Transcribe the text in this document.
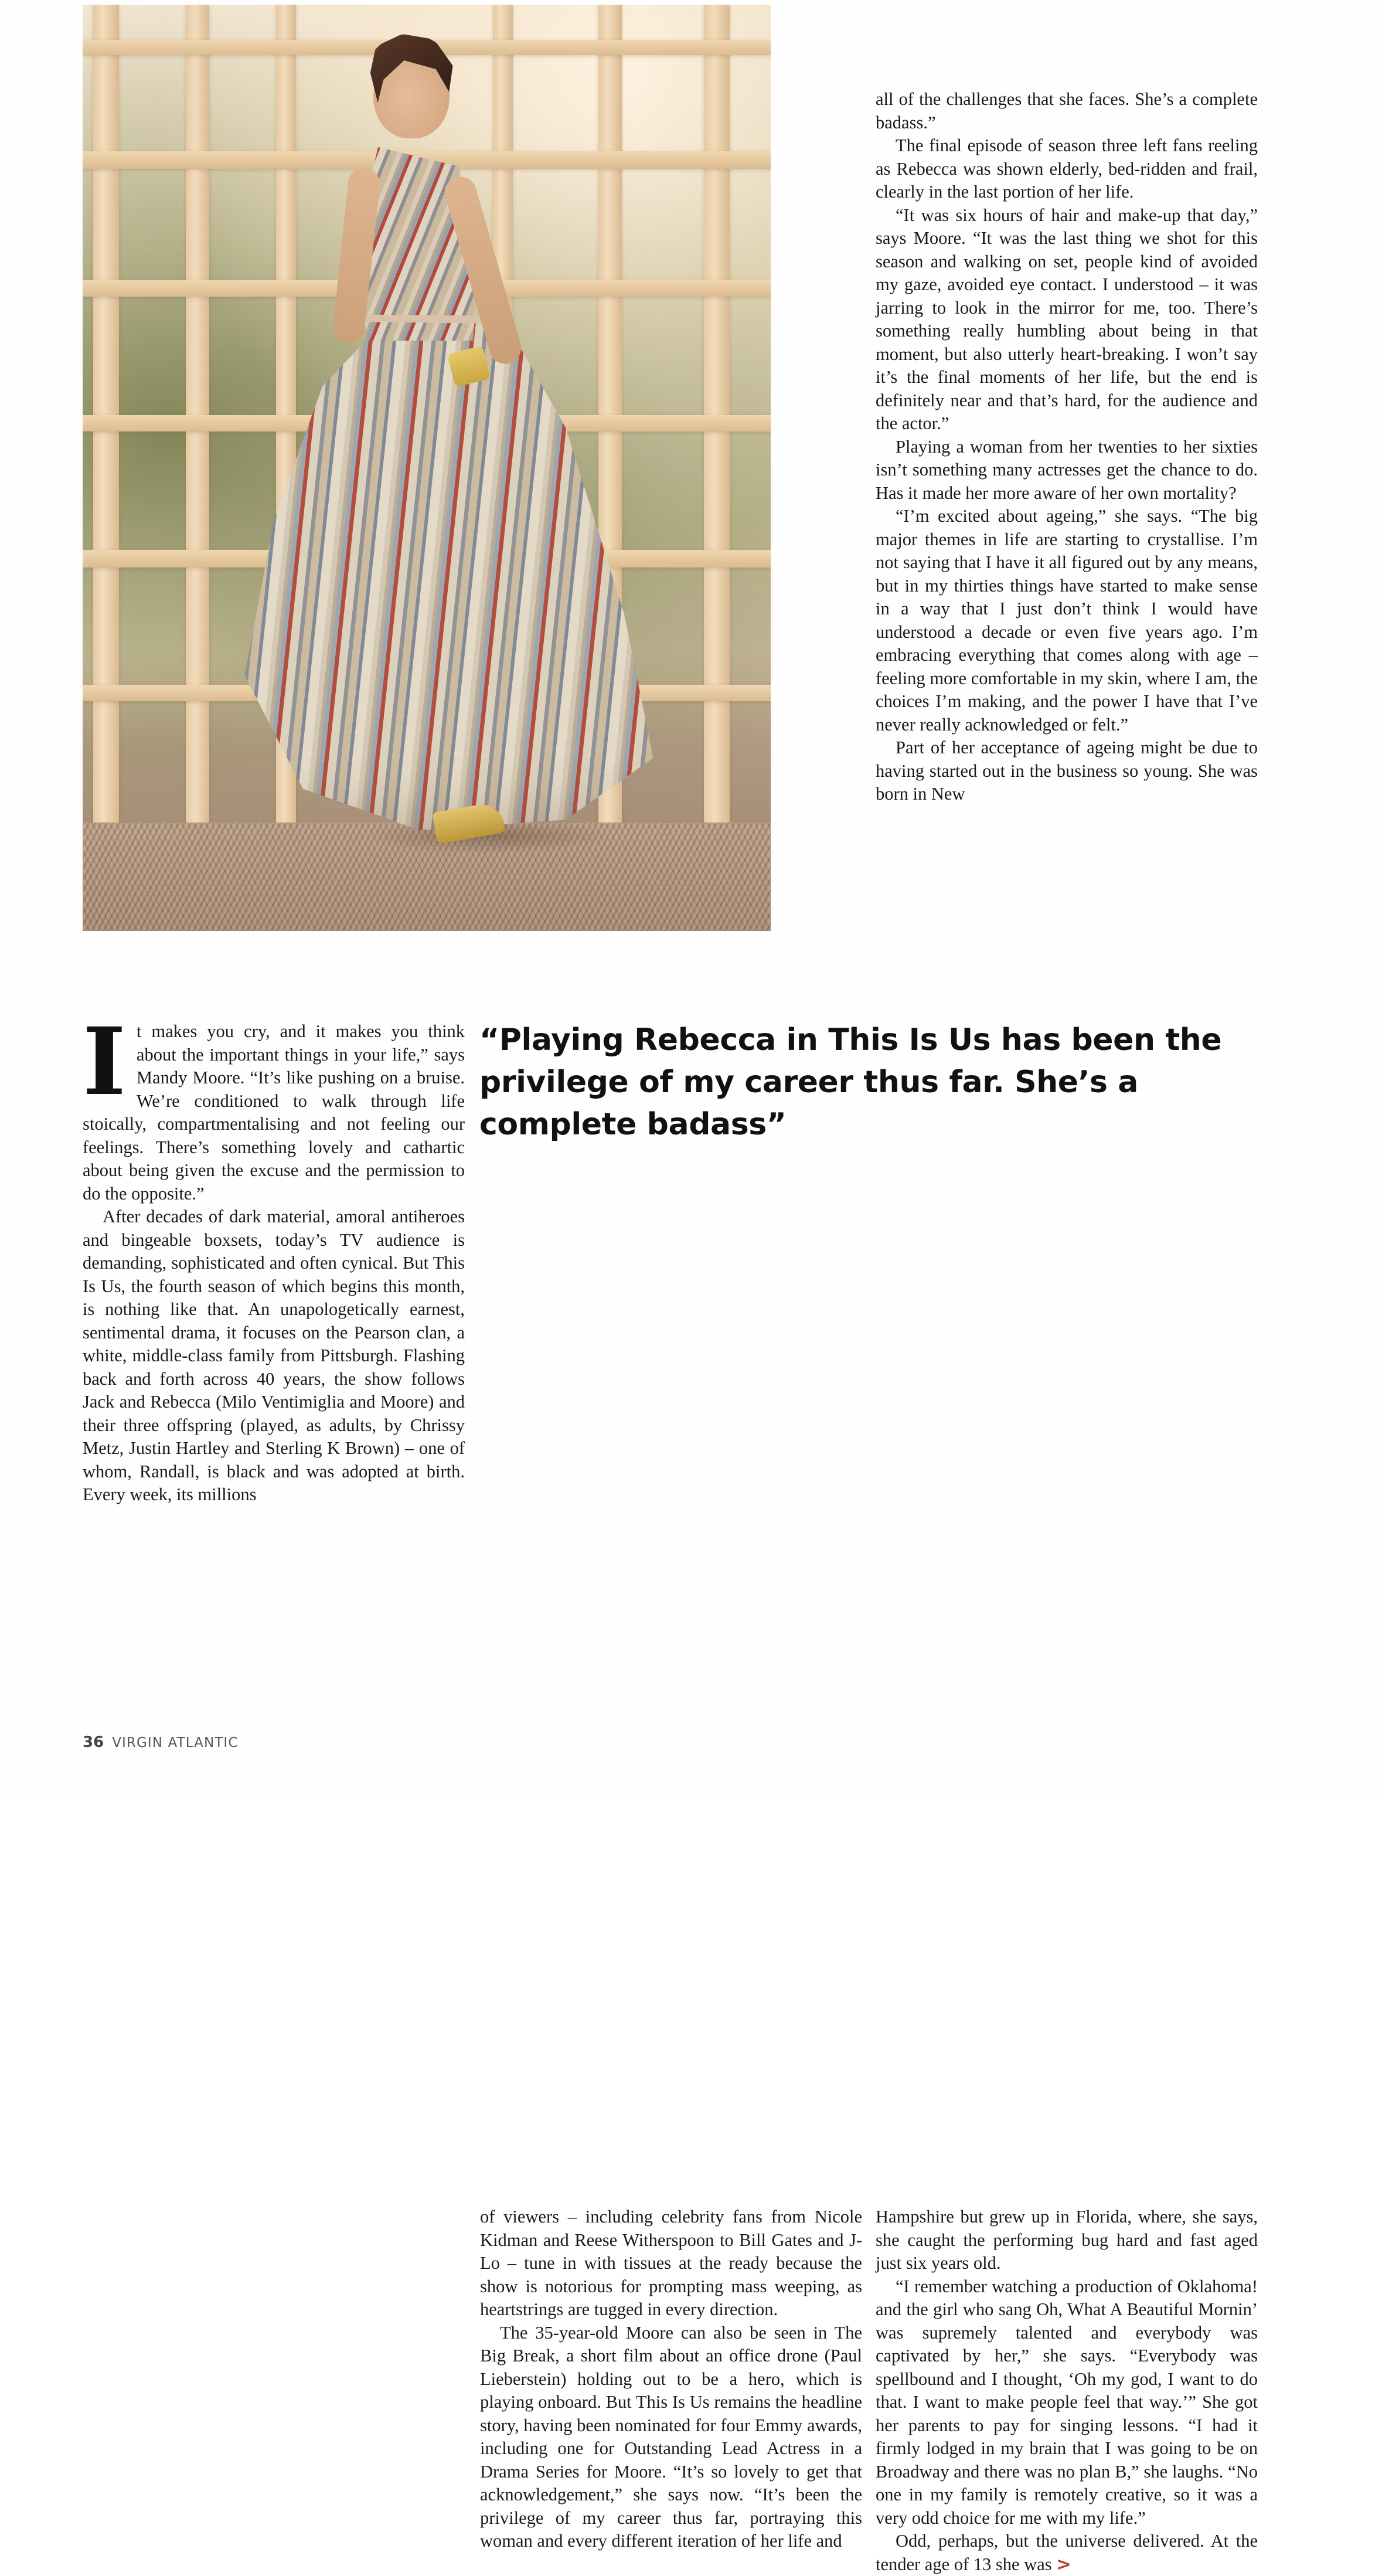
all of the challenges that she faces. She’s a complete badass.”

The final episode of season three left fans reeling as Rebecca was shown elderly, bed-ridden and frail, clearly in the last portion of her life.

“It was six hours of hair and make-up that day,” says Moore. “It was the last thing we shot for this season and walking on set, people kind of avoided my gaze, avoided eye contact. I understood – it was jarring to look in the mirror for me, too. There’s something really humbling about being in that moment, but also utterly heart-breaking. I won’t say it’s the final moments of her life, but the end is definitely near and that’s hard, for the audience and the actor.”

Playing a woman from her twenties to her sixties isn’t something many actresses get the chance to do. Has it made her more aware of her own mortality?

“I’m excited about ageing,” she says. “The big major themes in life are starting to crystallise. I’m not saying that I have it all figured out by any means, but in my thirties things have started to make sense in a way that I just don’t think I would have understood a decade or even five years ago. I’m embracing everything that comes along with age – feeling more comfortable in my skin, where I am, the choices I’m making, and the power I have that I’ve never really acknowledged or felt.”

Part of her acceptance of ageing might be due to having started out in the business so young. She was born in New

“Playing Rebecca in This Is Us has been the privilege of my career thus far. She’s a complete badass”

It makes you cry, and it makes you think about the important things in your life,” says Mandy Moore. “It’s like pushing on a bruise. We’re conditioned to walk through life stoically, compartmentalising and not feeling our feelings. There’s something lovely and cathartic about being given the excuse and the permission to do the opposite.”

After decades of dark material, amoral antiheroes and bingeable boxsets, today’s TV audience is demanding, sophisticated and often cynical. But This Is Us, the fourth season of which begins this month, is nothing like that. An unapologetically earnest, sentimental drama, it focuses on the Pearson clan, a white, middle-class family from Pittsburgh. Flashing back and forth across 40 years, the show follows Jack and Rebecca (Milo Ventimiglia and Moore) and their three offspring (played, as adults, by Chrissy Metz, Justin Hartley and Sterling K Brown) – one of whom, Randall, is black and was adopted at birth. Every week, its millions

of viewers – including celebrity fans from Nicole Kidman and Reese Witherspoon to Bill Gates and J-Lo – tune in with tissues at the ready because the show is notorious for prompting mass weeping, as heartstrings are tugged in every direction.

The 35-year-old Moore can also be seen in The Big Break, a short film about an office drone (Paul Lieberstein) holding out to be a hero, which is playing onboard. But This Is Us remains the headline story, having been nominated for four Emmy awards, including one for Outstanding Lead Actress in a Drama Series for Moore. “It’s so lovely to get that acknowledgement,” she says now. “It’s been the privilege of my career thus far, portraying this woman and every different iteration of her life and

Hampshire but grew up in Florida, where, she says, she caught the performing bug hard and fast aged just six years old.

“I remember watching a production of Oklahoma! and the girl who sang Oh, What A Beautiful Mornin’ was supremely talented and everybody was captivated by her,” she says. “Everybody was spellbound and I thought, ‘Oh my god, I want to do that. I want to make people feel that way.’” She got her parents to pay for singing lessons. “I had it firmly lodged in my brain that I was going to be on Broadway and there was no plan B,” she laughs. “No one in my family is remotely creative, so it was a very odd choice for me with my life.”

Odd, perhaps, but the universe delivered. At the tender age of 13 she was >

36 VIRGIN ATLANTIC
